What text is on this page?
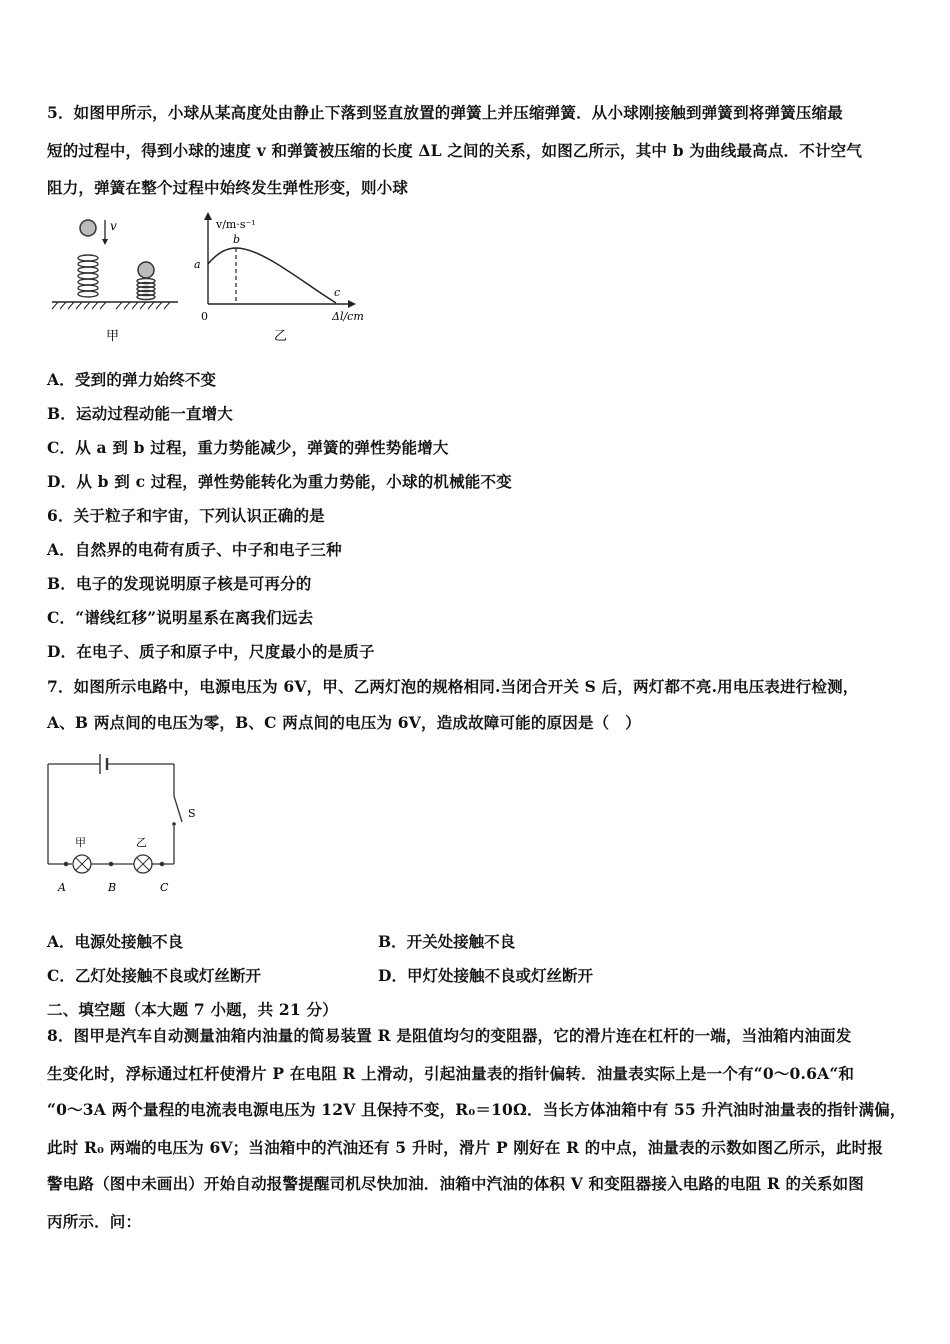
5．如图甲所示，小球从某高度处由静止下落到竖直放置的弹簧上并压缩弹簧．从小球刚接触到弹簧到将弹簧压缩最
短的过程中，得到小球的速度 v 和弹簧被压缩的长度 ΔL 之间的关系，如图乙所示，其中 b 为曲线最高点．不计空气
阻力，弹簧在整个过程中始终发生弹性形变，则小球
v
甲
v/m·s⁻¹
Δl/cm
0
a
b
c
乙
A．受到的弹力始终不变
B．运动过程动能一直增大
C．从 a 到 b 过程，重力势能减少，弹簧的弹性势能增大
D．从 b 到 c 过程，弹性势能转化为重力势能，小球的机械能不变
6．关于粒子和宇宙，下列认识正确的是
A．自然界的电荷有质子、中子和电子三种
B．电子的发现说明原子核是可再分的
C．“谱线红移”说明星系在离我们远去
D．在电子、质子和原子中，尺度最小的是质子
7．如图所示电路中，电源电压为 6V，甲、乙两灯泡的规格相同.当闭合开关 S 后，两灯都不亮.用电压表进行检测，
A、B 两点间的电压为零，B、C 两点间的电压为 6V，造成故障可能的原因是（　）
S
甲	乙
A	B	C
A．电源处接触不良	B．开关处接触不良
C．乙灯处接触不良或灯丝断开	D．甲灯处接触不良或灯丝断开
二、填空题（本大题 7 小题，共 21 分）
8．图甲是汽车自动测量油箱内油量的简易装置 R 是阻值均匀的变阻器，它的滑片连在杠杆的一端，当油箱内油面发
生变化时，浮标通过杠杆使滑片 P 在电阻 R 上滑动，引起油量表的指针偏转．油量表实际上是一个有“0～0.6A“和
“0～3A 两个量程的电流表电源电压为 12V 且保持不变，R₀＝10Ω．当长方体油箱中有 55 升汽油时油量表的指针满偏，
此时 R₀ 两端的电压为 6V；当油箱中的汽油还有 5 升时，滑片 P 刚好在 R 的中点，油量表的示数如图乙所示，此时报
警电路（图中未画出）开始自动报警提醒司机尽快加油．油箱中汽油的体积 V 和变阻器接入电路的电阻 R 的关系如图
丙所示．问：
